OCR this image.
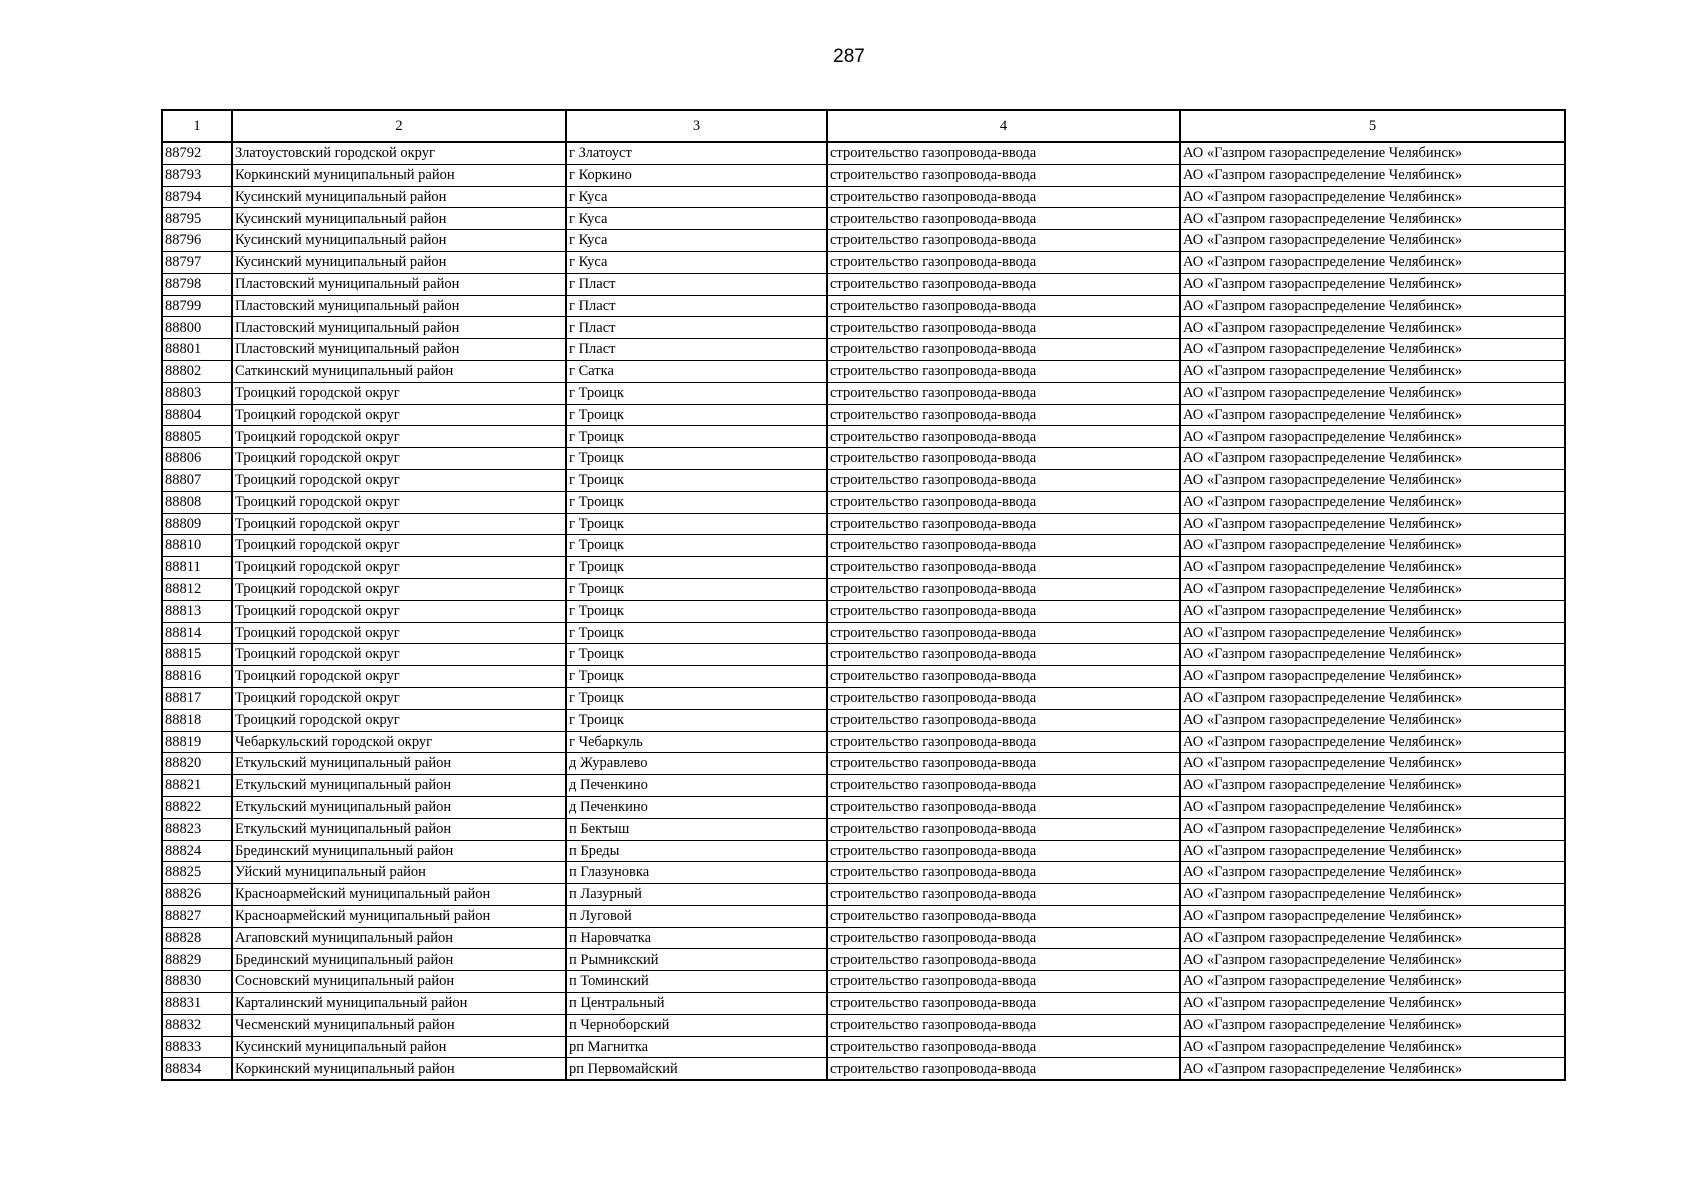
287
1	2	3	4	5
88792	Златоустовский городской округ	г Златоуст	строительство газопровода-ввода	АО «Газпром газораспределение Челябинск»
88793	Коркинский муниципальный район	г Коркино	строительство газопровода-ввода	АО «Газпром газораспределение Челябинск»
88794	Кусинский муниципальный район	г Куса	строительство газопровода-ввода	АО «Газпром газораспределение Челябинск»
88795	Кусинский муниципальный район	г Куса	строительство газопровода-ввода	АО «Газпром газораспределение Челябинск»
88796	Кусинский муниципальный район	г Куса	строительство газопровода-ввода	АО «Газпром газораспределение Челябинск»
88797	Кусинский муниципальный район	г Куса	строительство газопровода-ввода	АО «Газпром газораспределение Челябинск»
88798	Пластовский муниципальный район	г Пласт	строительство газопровода-ввода	АО «Газпром газораспределение Челябинск»
88799	Пластовский муниципальный район	г Пласт	строительство газопровода-ввода	АО «Газпром газораспределение Челябинск»
88800	Пластовский муниципальный район	г Пласт	строительство газопровода-ввода	АО «Газпром газораспределение Челябинск»
88801	Пластовский муниципальный район	г Пласт	строительство газопровода-ввода	АО «Газпром газораспределение Челябинск»
88802	Саткинский муниципальный район	г Сатка	строительство газопровода-ввода	АО «Газпром газораспределение Челябинск»
88803	Троицкий городской округ	г Троицк	строительство газопровода-ввода	АО «Газпром газораспределение Челябинск»
88804	Троицкий городской округ	г Троицк	строительство газопровода-ввода	АО «Газпром газораспределение Челябинск»
88805	Троицкий городской округ	г Троицк	строительство газопровода-ввода	АО «Газпром газораспределение Челябинск»
88806	Троицкий городской округ	г Троицк	строительство газопровода-ввода	АО «Газпром газораспределение Челябинск»
88807	Троицкий городской округ	г Троицк	строительство газопровода-ввода	АО «Газпром газораспределение Челябинск»
88808	Троицкий городской округ	г Троицк	строительство газопровода-ввода	АО «Газпром газораспределение Челябинск»
88809	Троицкий городской округ	г Троицк	строительство газопровода-ввода	АО «Газпром газораспределение Челябинск»
88810	Троицкий городской округ	г Троицк	строительство газопровода-ввода	АО «Газпром газораспределение Челябинск»
88811	Троицкий городской округ	г Троицк	строительство газопровода-ввода	АО «Газпром газораспределение Челябинск»
88812	Троицкий городской округ	г Троицк	строительство газопровода-ввода	АО «Газпром газораспределение Челябинск»
88813	Троицкий городской округ	г Троицк	строительство газопровода-ввода	АО «Газпром газораспределение Челябинск»
88814	Троицкий городской округ	г Троицк	строительство газопровода-ввода	АО «Газпром газораспределение Челябинск»
88815	Троицкий городской округ	г Троицк	строительство газопровода-ввода	АО «Газпром газораспределение Челябинск»
88816	Троицкий городской округ	г Троицк	строительство газопровода-ввода	АО «Газпром газораспределение Челябинск»
88817	Троицкий городской округ	г Троицк	строительство газопровода-ввода	АО «Газпром газораспределение Челябинск»
88818	Троицкий городской округ	г Троицк	строительство газопровода-ввода	АО «Газпром газораспределение Челябинск»
88819	Чебаркульский городской округ	г Чебаркуль	строительство газопровода-ввода	АО «Газпром газораспределение Челябинск»
88820	Еткульский муниципальный район	д Журавлево	строительство газопровода-ввода	АО «Газпром газораспределение Челябинск»
88821	Еткульский муниципальный район	д Печенкино	строительство газопровода-ввода	АО «Газпром газораспределение Челябинск»
88822	Еткульский муниципальный район	д Печенкино	строительство газопровода-ввода	АО «Газпром газораспределение Челябинск»
88823	Еткульский муниципальный район	п Бектыш	строительство газопровода-ввода	АО «Газпром газораспределение Челябинск»
88824	Брединский муниципальный район	п Бреды	строительство газопровода-ввода	АО «Газпром газораспределение Челябинск»
88825	Уйский муниципальный район	п Глазуновка	строительство газопровода-ввода	АО «Газпром газораспределение Челябинск»
88826	Красноармейский муниципальный район	п Лазурный	строительство газопровода-ввода	АО «Газпром газораспределение Челябинск»
88827	Красноармейский муниципальный район	п Луговой	строительство газопровода-ввода	АО «Газпром газораспределение Челябинск»
88828	Агаповский муниципальный район	п Наровчатка	строительство газопровода-ввода	АО «Газпром газораспределение Челябинск»
88829	Брединский муниципальный район	п Рымникский	строительство газопровода-ввода	АО «Газпром газораспределение Челябинск»
88830	Сосновский муниципальный район	п Томинский	строительство газопровода-ввода	АО «Газпром газораспределение Челябинск»
88831	Карталинский муниципальный район	п Центральный	строительство газопровода-ввода	АО «Газпром газораспределение Челябинск»
88832	Чесменский муниципальный район	п Черноборский	строительство газопровода-ввода	АО «Газпром газораспределение Челябинск»
88833	Кусинский муниципальный район	рп Магнитка	строительство газопровода-ввода	АО «Газпром газораспределение Челябинск»
88834	Коркинский муниципальный район	рп Первомайский	строительство газопровода-ввода	АО «Газпром газораспределение Челябинск»
